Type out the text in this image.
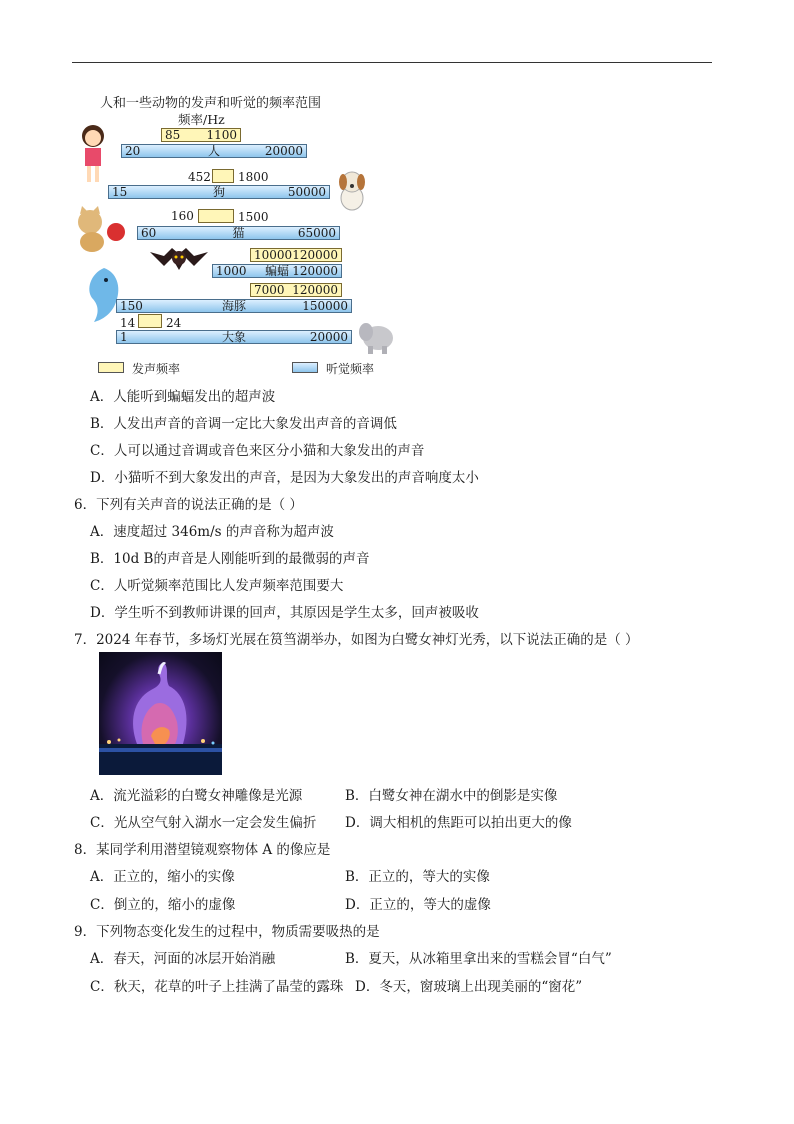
人和一些动物的发声和听觉的频率范围
频率/Hz
85 1100
20	人	20000
452 1800
15	狗	50000
160	1500
60	猫	65000
10000 120000
1000	蝙蝠 120000
7000 120000
150	海豚	150000
14	24
1	大象	20000
发声频率	听觉频率
A．人能听到蝙蝠发出的超声波
B．人发出声音的音调一定比大象发出声音的音调低
C．人可以通过音调或音色来区分小猫和大象发出的声音
D．小猫听不到大象发出的声音，是因为大象发出的声音响度太小
6．下列有关声音的说法正确的是（ ）
A．速度超过 346m/s 的声音称为超声波
B．10d B的声音是人刚能听到的最微弱的声音
C．人听觉频率范围比人发声频率范围要大
D．学生听不到教师讲课的回声，其原因是学生太多，回声被吸收
7．2024 年春节，多场灯光展在筼筜湖举办，如图为白鹭女神灯光秀，以下说法正确的是（ ）
A．流光溢彩的白鹭女神雕像是光源	B．白鹭女神在湖水中的倒影是实像
C．光从空气射入湖水一定会发生偏折 D．调大相机的焦距可以拍出更大的像
8．某同学利用潜望镜观察物体 A 的像应是
A．正立的，缩小的实像	B．正立的，等大的实像
C．倒立的，缩小的虚像	D．正立的，等大的虚像
9．下列物态变化发生的过程中，物质需要吸热的是
A．春天，河面的冰层开始消融	B．夏天，从冰箱里拿出来的雪糕会冒“白气”
C．秋天，花草的叶子上挂满了晶莹的露珠 D．冬天，窗玻璃上出现美丽的“窗花”
